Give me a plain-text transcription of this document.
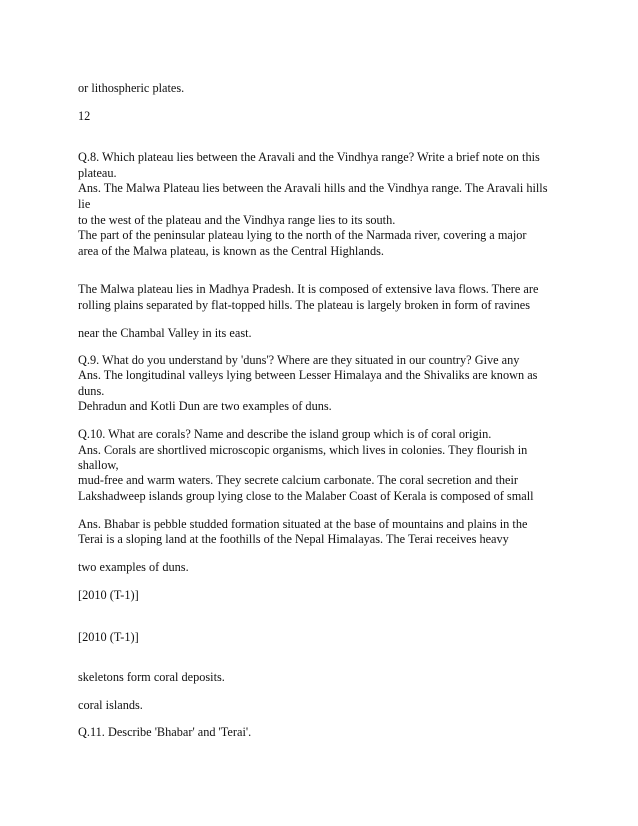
or lithospheric plates.
12
Q.8. Which plateau lies between the Aravali and the Vindhya range? Write a brief note on this
plateau.
Ans. The Malwa Plateau lies between the Aravali hills and the Vindhya range. The Aravali hills
lie
to the west of the plateau and the Vindhya range lies to its south.
The part of the peninsular plateau lying to the north of the Narmada river, covering a major
area of the Malwa plateau, is known as the Central Highlands.
The Malwa plateau lies in Madhya Pradesh. It is composed of extensive lava flows. There are
rolling plains separated by flat-topped hills. The plateau is largely broken in form of ravines
near the Chambal Valley in its east.
Q.9. What do you understand by 'duns'? Where are they situated in our country? Give any
Ans. The longitudinal valleys lying between Lesser Himalaya and the Shivaliks are known as
duns.
Dehradun and Kotli Dun are two examples of duns.
Q.10. What are corals? Name and describe the island group which is of coral origin.
Ans. Corals are shortlived microscopic organisms, which lives in colonies. They flourish in
shallow,
mud-free and warm waters. They secrete calcium carbonate. The coral secretion and their
Lakshadweep islands group lying close to the Malaber Coast of Kerala is composed of small
Ans. Bhabar is pebble studded formation situated at the base of mountains and plains in the
Terai is a sloping land at the foothills of the Nepal Himalayas. The Terai receives heavy
two examples of duns.
[2010 (T-1)]
[2010 (T-1)]
skeletons form coral deposits.
coral islands.
Q.11. Describe 'Bhabar' and 'Terai'.
